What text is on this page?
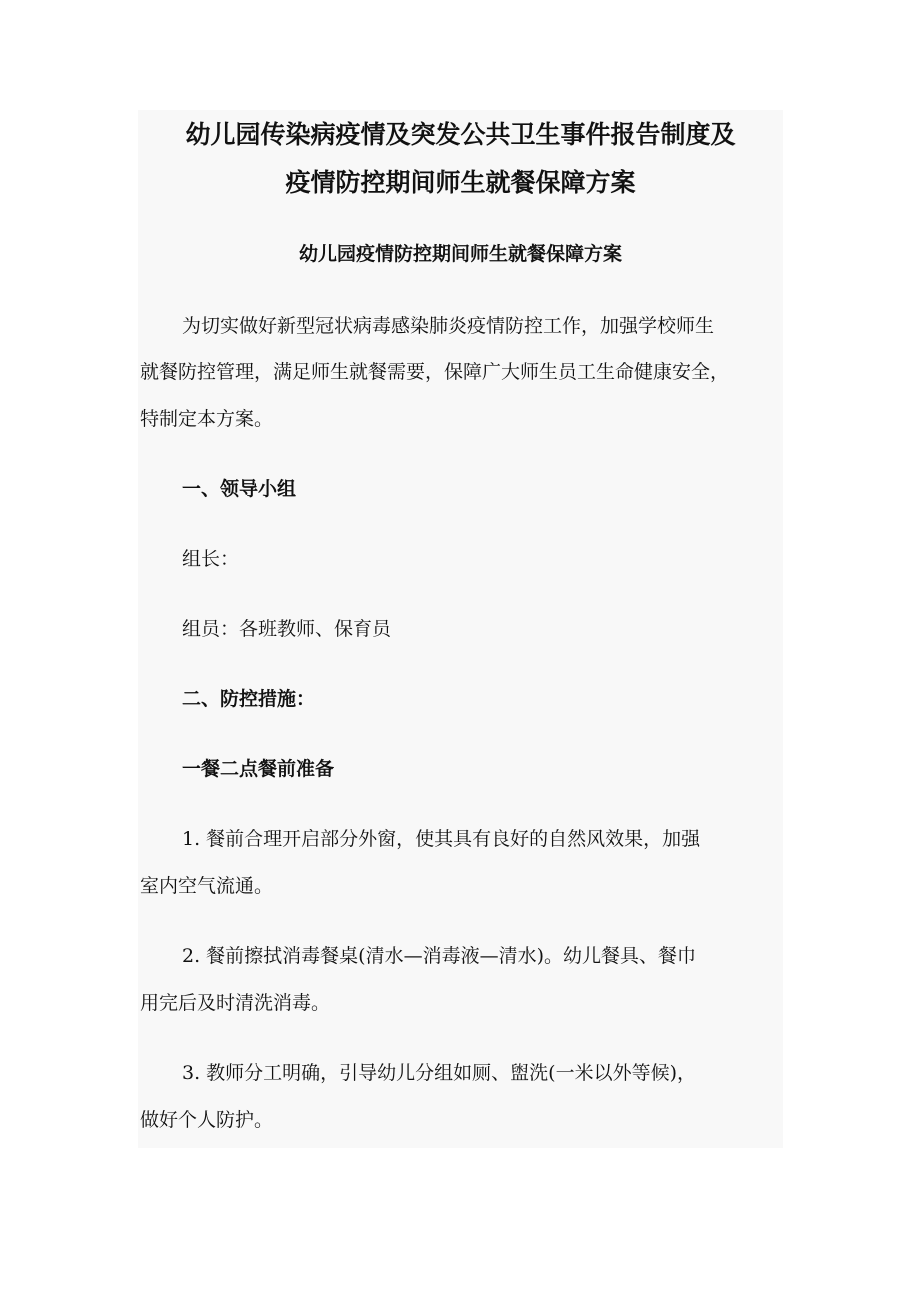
幼儿园传染病疫情及突发公共卫生事件报告制度及
疫情防控期间师生就餐保障方案
幼儿园疫情防控期间师生就餐保障方案
为切实做好新型冠状病毒感染肺炎疫情防控工作，加强学校师生
就餐防控管理，满足师生就餐需要，保障广大师生员工生命健康安全，
特制定本方案。
一、领导小组
组长：
组员：各班教师、保育员
二、防控措施：
一餐二点餐前准备
1. 餐前合理开启部分外窗，使其具有良好的自然风效果，加强
室内空气流通。
2. 餐前擦拭消毒餐桌(清水—消毒液—清水)。幼儿餐具、餐巾
用完后及时清洗消毒。
3. 教师分工明确，引导幼儿分组如厕、盥洗(一米以外等候)，
做好个人防护。
